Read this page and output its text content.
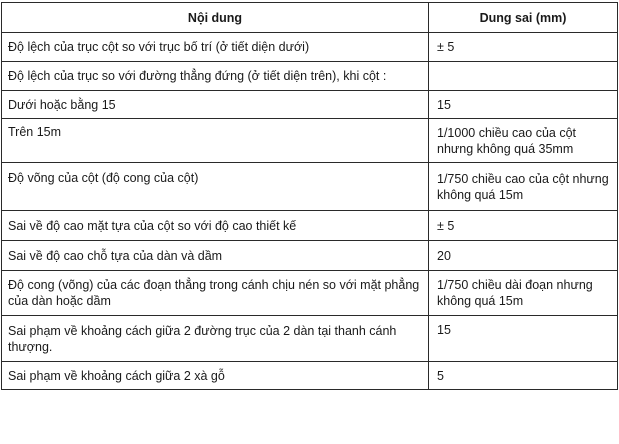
Nội dung	Dung sai (mm)
Độ lệch của trục cột so với trục bố trí (ở tiết diện dưới)	± 5
Độ lệch của trục so với đường thẳng đứng (ở tiết diện trên), khi cột :	
Dưới hoặc bằng 15	15
Trên 15m	1/1000 chiều cao của cột nhưng không quá 35mm
Độ võng của cột (độ cong của cột)	1/750 chiều cao của cột nhưng không quá 15m
Sai về độ cao mặt tựa của cột so với độ cao thiết kế	± 5
Sai về độ cao chỗ tựa của dàn và dầm	20
Độ cong (võng) của các đoạn thẳng trong cánh chịu nén so với mặt phẳng của dàn hoặc dầm	1/750 chiều dài đoạn nhưng không quá 15m
Sai phạm về khoảng cách giữa 2 đường trục của 2 dàn tại thanh cánh thượng.	15
Sai phạm về khoảng cách giữa 2 xà gỗ	5
